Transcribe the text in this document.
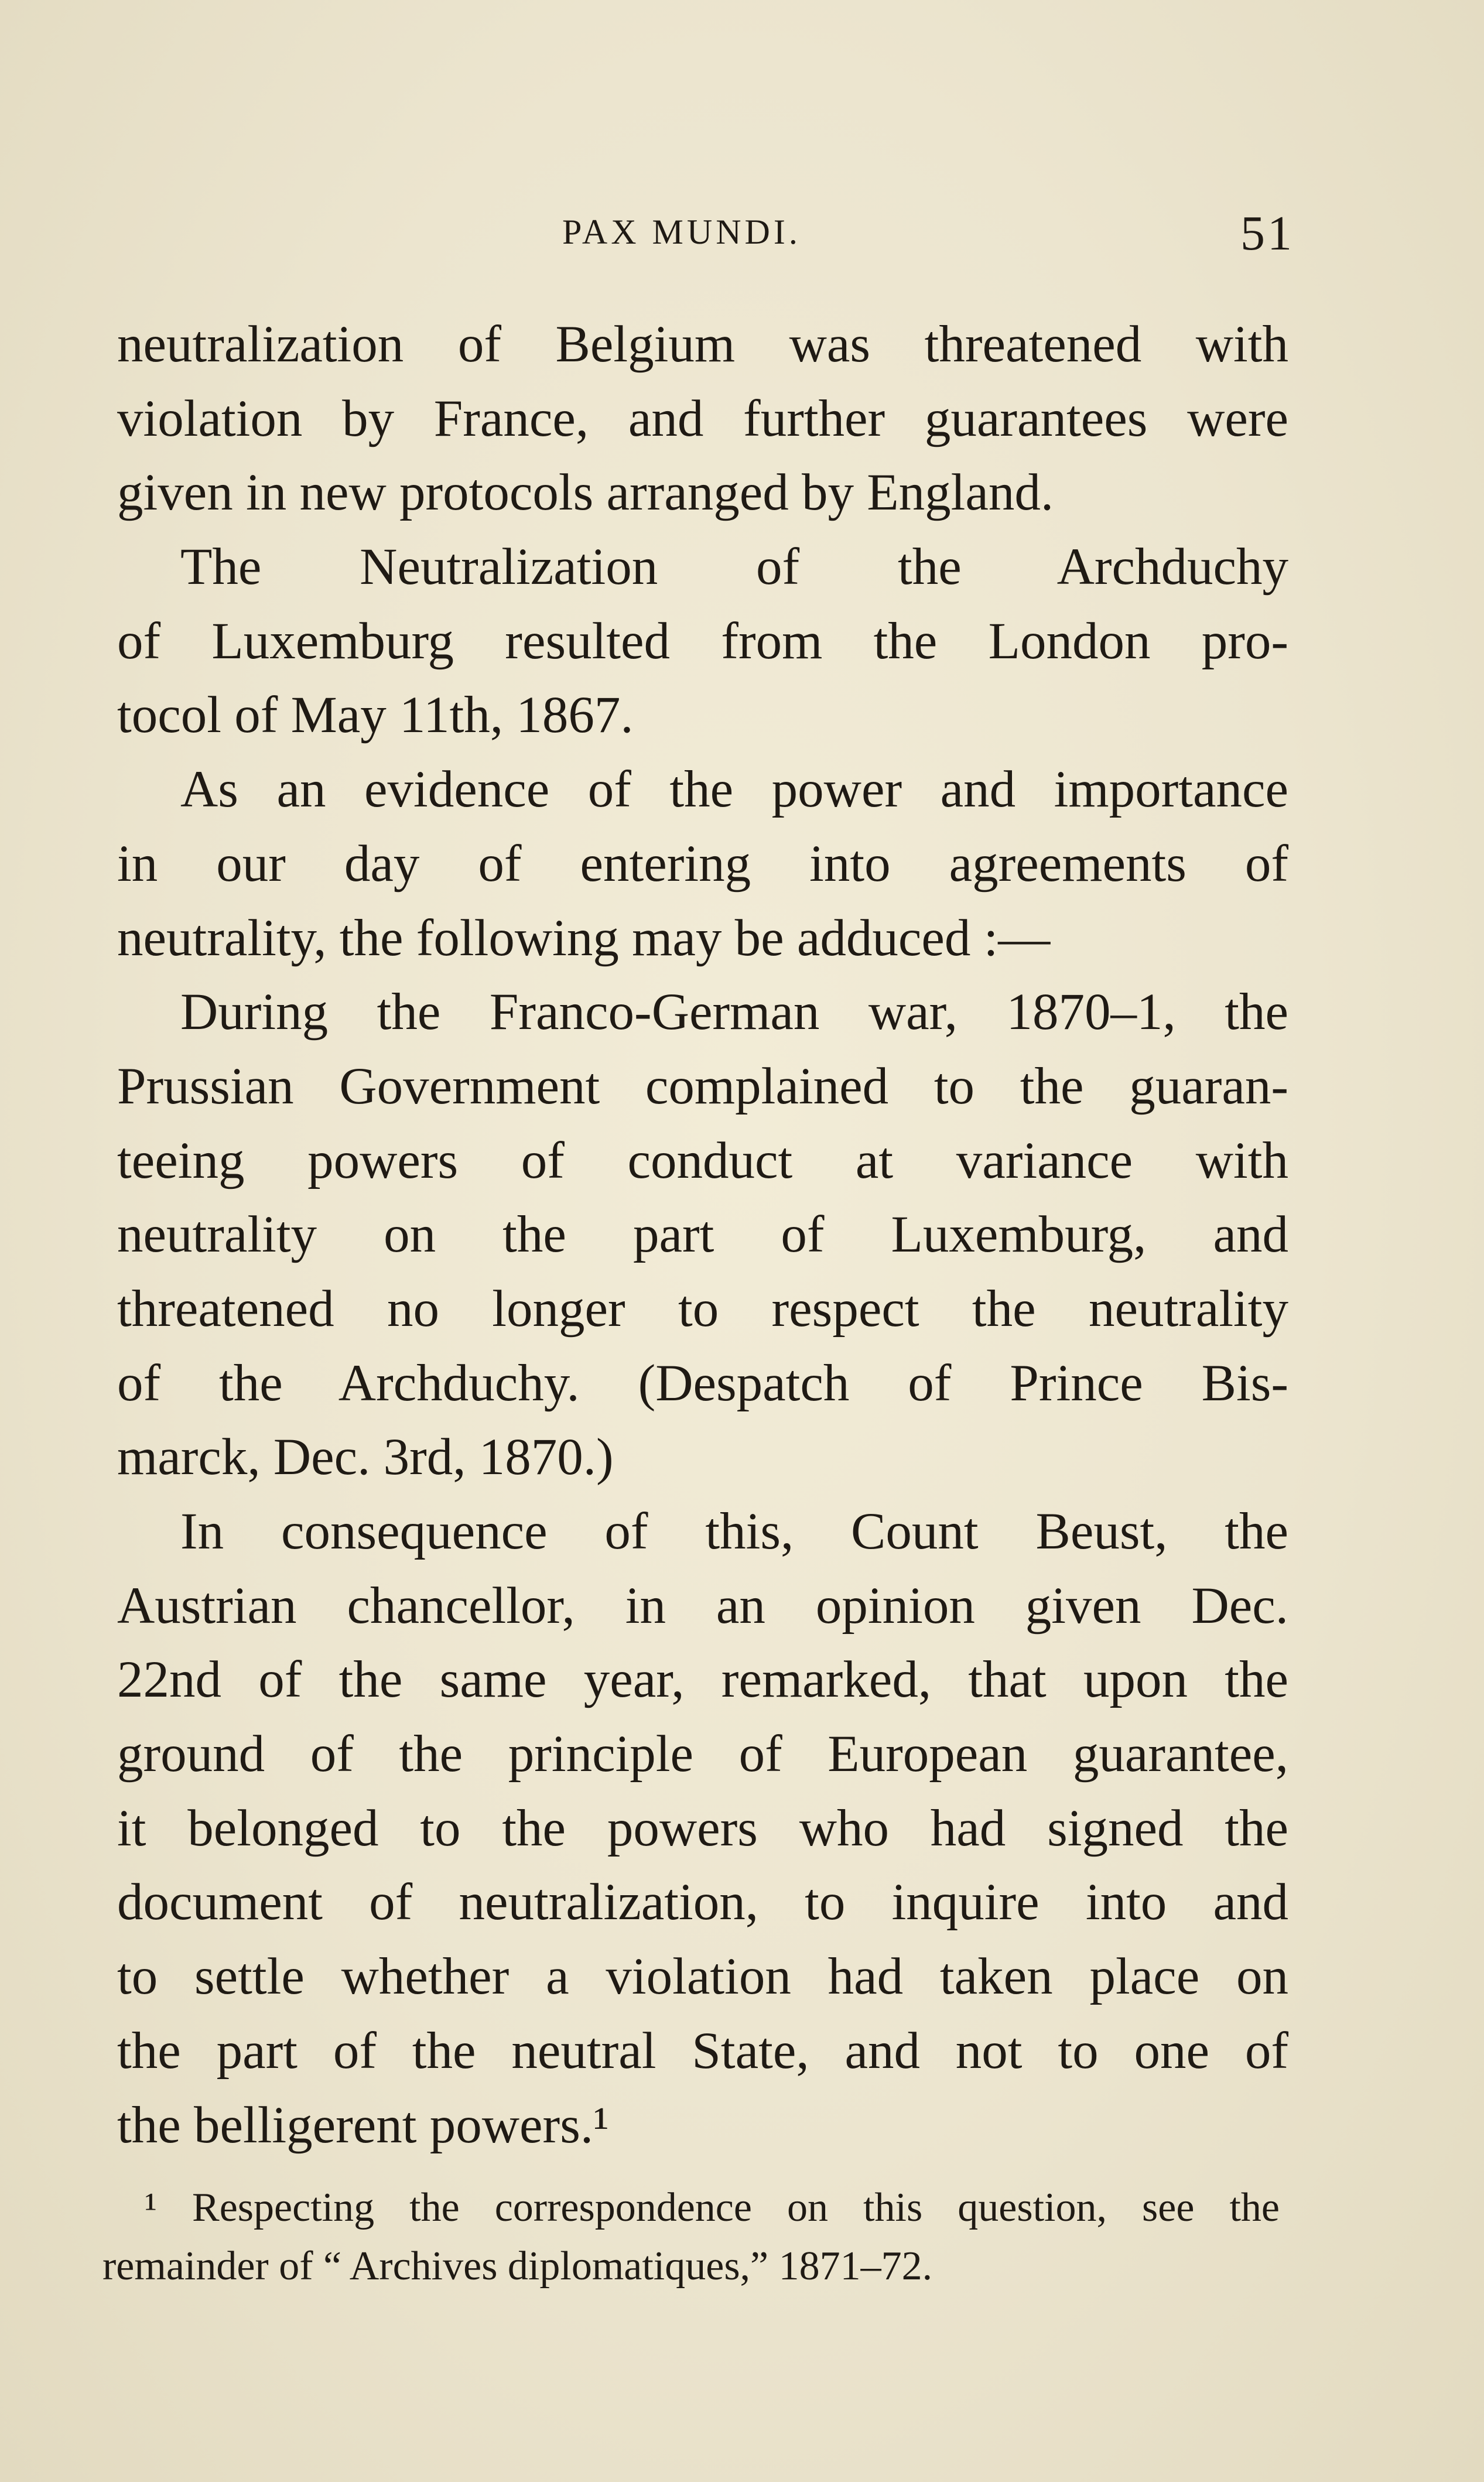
PAX MUNDI.	51
neutralization of Belgium was threatened with
violation by France, and further guarantees were
given in new protocols arranged by England.
The Neutralization of the Archduchy
of Luxemburg resulted from the London pro-
tocol of May 11th, 1867.
As an evidence of the power and importance
in our day of entering into agreements of
neutrality, the following may be adduced :—
During the Franco-German war, 1870–1, the
Prussian Government complained to the guaran-
teeing powers of conduct at variance with
neutrality on the part of Luxemburg, and
threatened no longer to respect the neutrality
of the Archduchy. (Despatch of Prince Bis-
marck, Dec. 3rd, 1870.)
In consequence of this, Count Beust, the
Austrian chancellor, in an opinion given Dec.
22nd of the same year, remarked, that upon the
ground of the principle of European guarantee,
it belonged to the powers who had signed the
document of neutralization, to inquire into and
to settle whether a violation had taken place on
the part of the neutral State, and not to one of
the belligerent powers.¹
¹ Respecting the correspondence on this question, see the
remainder of “ Archives diplomatiques,” 1871–72.
